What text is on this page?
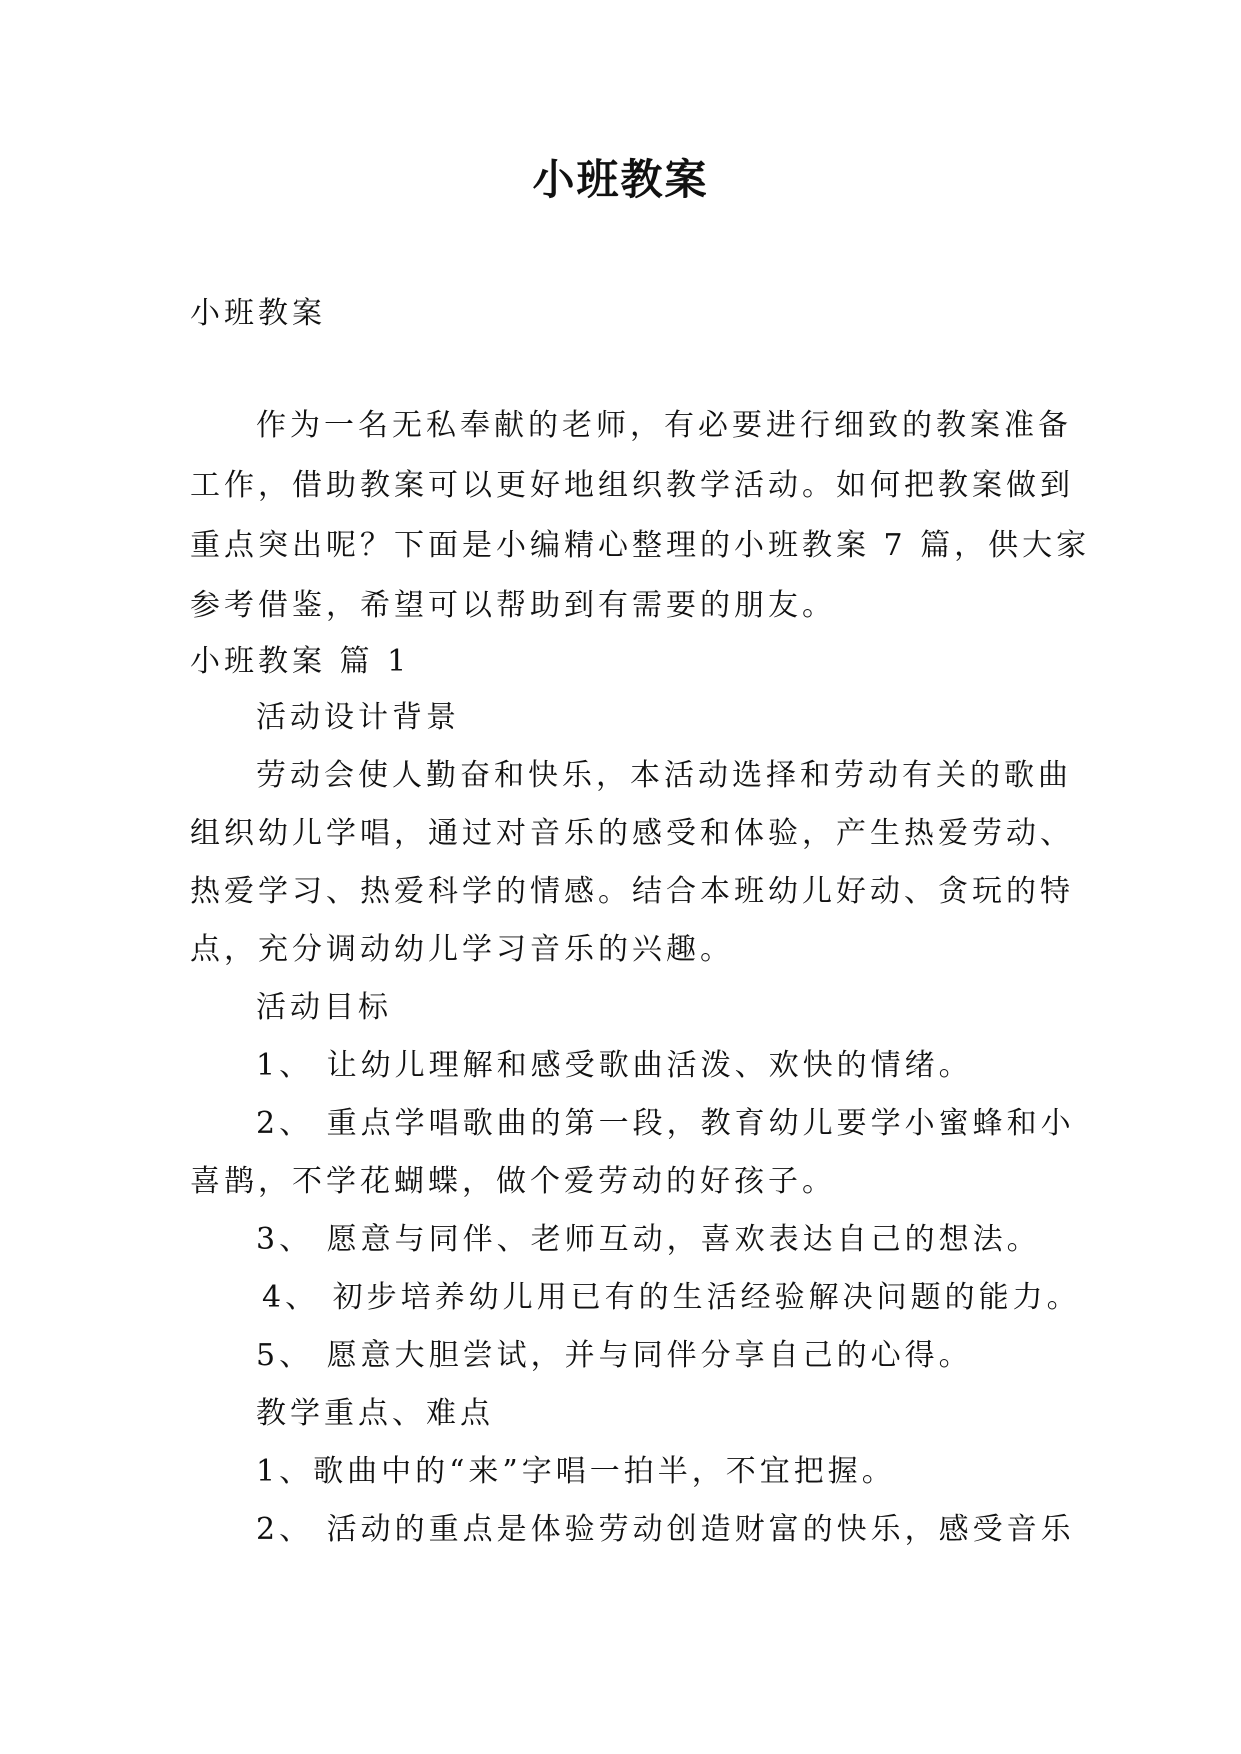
小班教案
小班教案
作为一名无私奉献的老师，有必要进行细致的教案准备
工作，借助教案可以更好地组织教学活动。如何把教案做到
重点突出呢？下面是小编精心整理的小班教案 7 篇，供大家
参考借鉴，希望可以帮助到有需要的朋友。
小班教案 篇 1
活动设计背景
劳动会使人勤奋和快乐，本活动选择和劳动有关的歌曲
组织幼儿学唱，通过对音乐的感受和体验，产生热爱劳动、
热爱学习、热爱科学的情感。结合本班幼儿好动、贪玩的特
点，充分调动幼儿学习音乐的兴趣。
活动目标
1、 让幼儿理解和感受歌曲活泼、欢快的情绪。
2、 重点学唱歌曲的第一段，教育幼儿要学小蜜蜂和小
喜鹊，不学花蝴蝶，做个爱劳动的好孩子。
3、 愿意与同伴、老师互动，喜欢表达自己的想法。
4、 初步培养幼儿用已有的生活经验解决问题的能力。
5、 愿意大胆尝试，并与同伴分享自己的心得。
教学重点、难点
1、歌曲中的“来”字唱一拍半，不宜把握。
2、 活动的重点是体验劳动创造财富的快乐，感受音乐
